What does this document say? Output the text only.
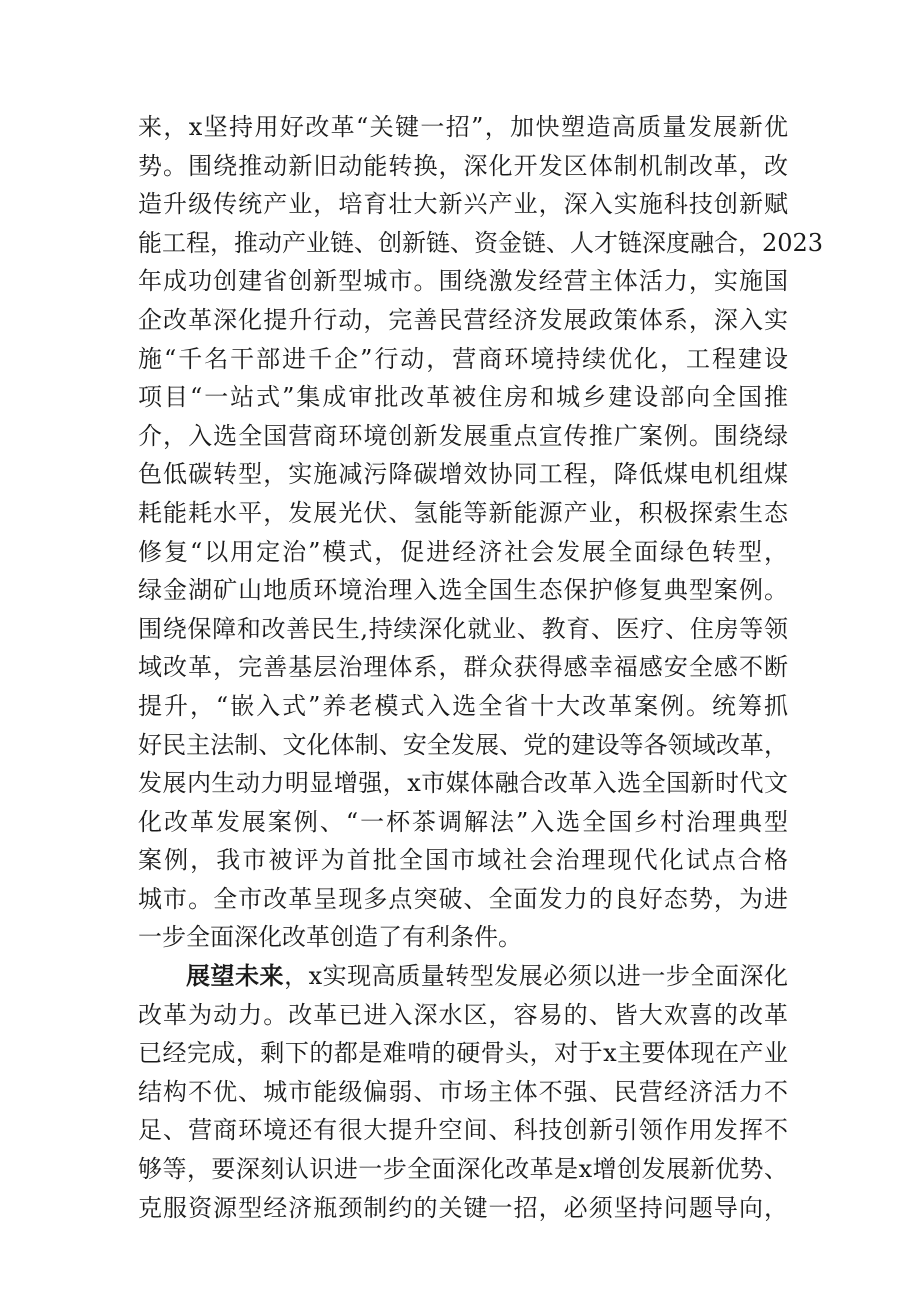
来，x坚持用好改革“关键一招”，加快塑造高质量发展新优
势。围绕推动新旧动能转换，深化开发区体制机制改革，改
造升级传统产业，培育壮大新兴产业，深入实施科技创新赋
能工程，推动产业链、创新链、资金链、人才链深度融合，2023
年成功创建省创新型城市。围绕激发经营主体活力，实施国
企改革深化提升行动，完善民营经济发展政策体系，深入实
施“千名干部进千企”行动，营商环境持续优化，工程建设
项目“一站式”集成审批改革被住房和城乡建设部向全国推
介，入选全国营商环境创新发展重点宣传推广案例。围绕绿
色低碳转型，实施减污降碳增效协同工程，降低煤电机组煤
耗能耗水平，发展光伏、氢能等新能源产业，积极探索生态
修复“以用定治”模式，促进经济社会发展全面绿色转型，
绿金湖矿山地质环境治理入选全国生态保护修复典型案例。
围绕保障和改善民生,持续深化就业、教育、医疗、住房等领
域改革，完善基层治理体系，群众获得感幸福感安全感不断
提升，“嵌入式”养老模式入选全省十大改革案例。统筹抓
好民主法制、文化体制、安全发展、党的建设等各领域改革，
发展内生动力明显增强，x市媒体融合改革入选全国新时代文
化改革发展案例、“一杯茶调解法”入选全国乡村治理典型
案例，我市被评为首批全国市域社会治理现代化试点合格
城市。全市改革呈现多点突破、全面发力的良好态势，为进
一步全面深化改革创造了有利条件。
展望未来，x实现高质量转型发展必须以进一步全面深化
改革为动力。改革已进入深水区，容易的、皆大欢喜的改革
已经完成，剩下的都是难啃的硬骨头，对于x主要体现在产业
结构不优、城市能级偏弱、市场主体不强、民营经济活力不
足、营商环境还有很大提升空间、科技创新引领作用发挥不
够等，要深刻认识进一步全面深化改革是x增创发展新优势、
克服资源型经济瓶颈制约的关键一招，必须坚持问题导向，
